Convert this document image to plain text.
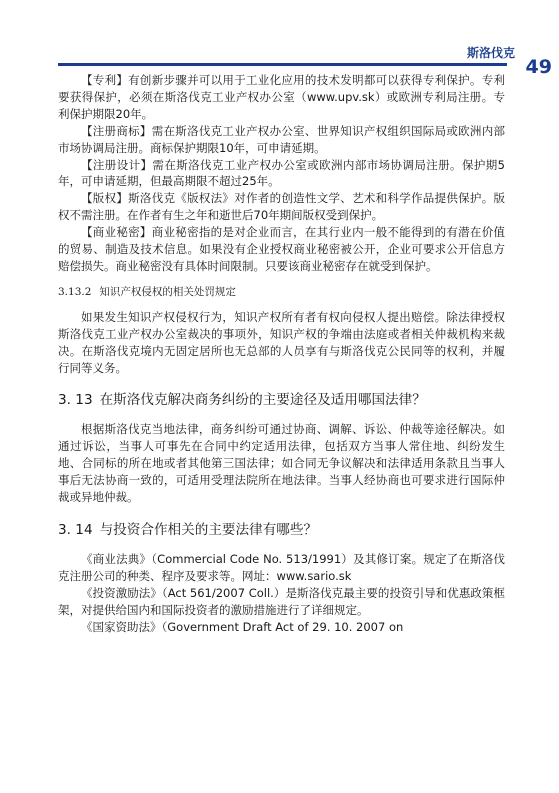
斯洛伐克
49

【专利】有创新步骤并可以用于工业化应用的技术发明都可以获得专利保护。专利要获得保护，必须在斯洛伐克工业产权办公室（www.upv.sk）或欧洲专利局注册。专利保护期限20年。

【注册商标】需在斯洛伐克工业产权办公室、世界知识产权组织国际局或欧洲内部市场协调局注册。商标保护期限10年，可申请延期。

【注册设计】需在斯洛伐克工业产权办公室或欧洲内部市场协调局注册。保护期5年，可申请延期，但最高期限不超过25年。

【版权】斯洛伐克《版权法》对作者的创造性文学、艺术和科学作品提供保护。版权不需注册。在作者有生之年和逝世后70年期间版权受到保护。

【商业秘密】商业秘密指的是对企业而言，在其行业内一般不能得到的有潜在价值的贸易、制造及技术信息。如果没有企业授权商业秘密被公开，企业可要求公开信息方赔偿损失。商业秘密没有具体时间限制。只要该商业秘密存在就受到保护。

3.13.2 知识产权侵权的相关处罚规定

如果发生知识产权侵权行为，知识产权所有者有权向侵权人提出赔偿。除法律授权斯洛伐克工业产权办公室裁决的事项外，知识产权的争端由法庭或者相关仲裁机构来裁决。在斯洛伐克境内无固定居所也无总部的人员享有与斯洛伐克公民同等的权利，并履行同等义务。

3. 13 在斯洛伐克解决商务纠纷的主要途径及适用哪国法律？

根据斯洛伐克当地法律，商务纠纷可通过协商、调解、诉讼、仲裁等途径解决。如通过诉讼，当事人可事先在合同中约定适用法律，包括双方当事人常住地、纠纷发生地、合同标的所在地或者其他第三国法律；如合同无争议解决和法律适用条款且当事人事后无法协商一致的，可适用受理法院所在地法律。当事人经协商也可要求进行国际仲裁或异地仲裁。

3. 14 与投资合作相关的主要法律有哪些？

《商业法典》（Commercial Code No. 513/1991）及其修订案。规定了在斯洛伐克注册公司的种类、程序及要求等。网址：www.sario.sk

《投资激励法》（Act 561/2007 Coll.）是斯洛伐克最主要的投资引导和优惠政策框架，对提供给国内和国际投资者的激励措施进行了详细规定。

《国家资助法》（Government Draft Act of 29. 10. 2007 on
